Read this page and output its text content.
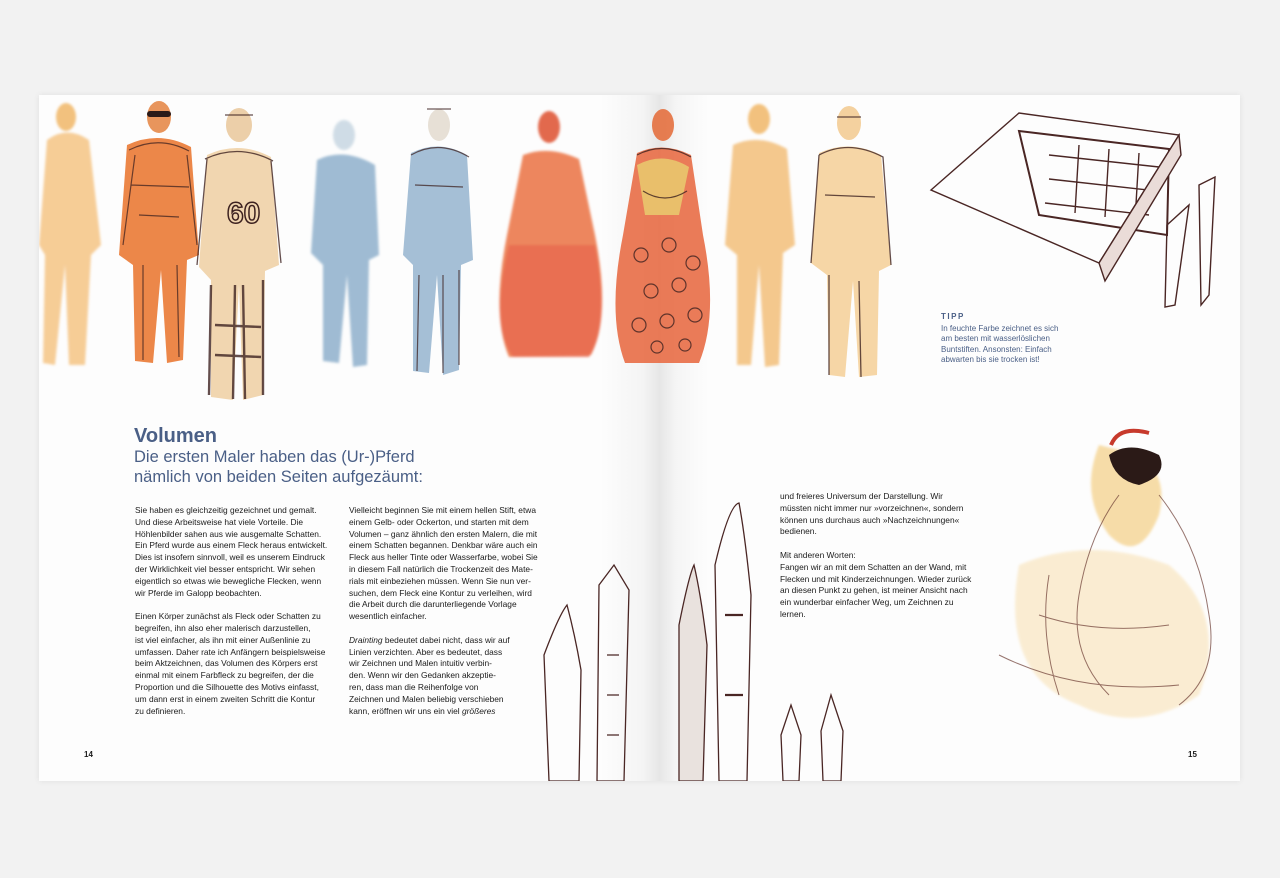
60
Volumen
Die ersten Maler haben das (Ur-)Pferd
nämlich von beiden Seiten aufgezäumt:
TIPP
In feuchte Farbe zeichnet es sich
am besten mit wasserlöslichen
Buntstiften. Ansonsten: Einfach
abwarten bis sie trocken ist!

Sie haben es gleichzeitig gezeichnet und gemalt.
Und diese Arbeitsweise hat viele Vorteile. Die
Höhlenbilder sahen aus wie ausgemalte Schatten.
Ein Pferd wurde aus einem Fleck heraus entwickelt.
Dies ist insofern sinnvoll, weil es unserem Eindruck
der Wirklichkeit viel besser entspricht. Wir sehen
eigentlich so etwas wie bewegliche Flecken, wenn
wir Pferde im Galopp beobachten.

Einen Körper zunächst als Fleck oder Schatten zu
begreifen, ihn also eher malerisch darzustellen,
ist viel einfacher, als ihn mit einer Außenlinie zu
umfassen. Daher rate ich Anfängern beispielsweise
beim Aktzeichnen, das Volumen des Körpers erst
einmal mit einem Farbfleck zu begreifen, der die
Proportion und die Silhouette des Motivs einfasst,
um dann erst in einem zweiten Schritt die Kontur
zu definieren.

Vielleicht beginnen Sie mit einem hellen Stift, etwa
einem Gelb- oder Ockerton, und starten mit dem
Volumen – ganz ähnlich den ersten Malern, die mit
einem Schatten begannen. Denkbar wäre auch ein
Fleck aus heller Tinte oder Wasserfarbe, wobei Sie
in diesem Fall natürlich die Trockenzeit des Mate-
rials mit einbeziehen müssen. Wenn Sie nun ver-
suchen, dem Fleck eine Kontur zu verleihen, wird
die Arbeit durch die darunterliegende Vorlage
wesentlich einfacher.

Drainting bedeutet dabei nicht, dass wir auf
Linien verzichten. Aber es bedeutet, dass
wir Zeichnen und Malen intuitiv verbin-
den. Wenn wir den Gedanken akzeptie-
ren, dass man die Reihenfolge von
Zeichnen und Malen beliebig verschieben
kann, eröffnen wir uns ein viel größeres

und freieres Universum der Darstellung. Wir
müssten nicht immer nur »vorzeichnen«, sondern
können uns durchaus auch »Nachzeichnungen«
bedienen.

Mit anderen Worten:
Fangen wir an mit dem Schatten an der Wand, mit
Flecken und mit Kinderzeichnungen. Wieder zurück
an diesen Punkt zu gehen, ist meiner Ansicht nach
ein wunderbar einfacher Weg, um Zeichnen zu
lernen.

14	15
